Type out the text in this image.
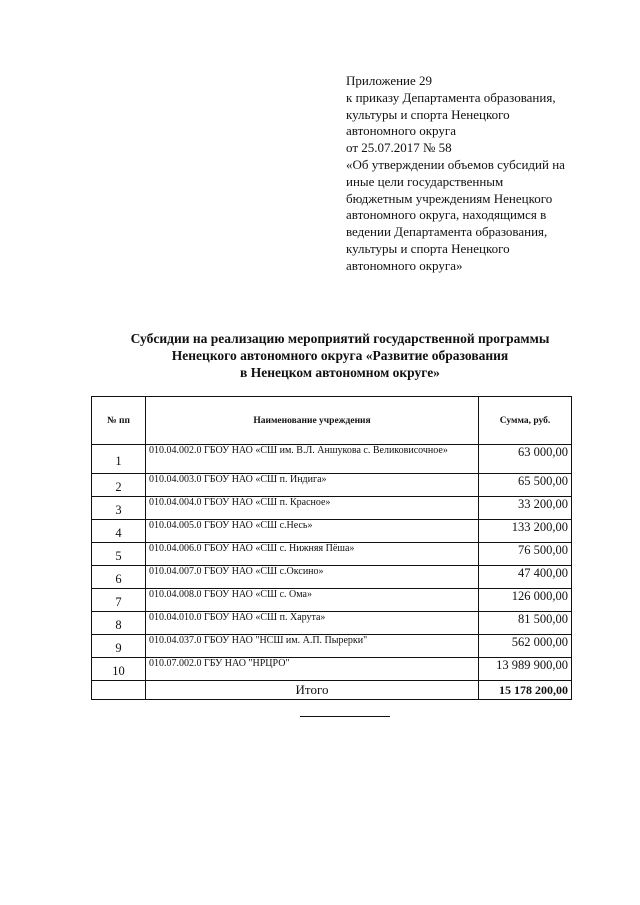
Приложение 29
к приказу Департамента образования,
культуры и спорта Ненецкого
автономного округа
от 25.07.2017 № 58
«Об утверждении объемов субсидий на
иные цели государственным
бюджетным учреждениям Ненецкого
автономного округа, находящимся в
ведении Департамента образования,
культуры и спорта Ненецкого
автономного округа»
Субсидии на реализацию мероприятий государственной программы
Ненецкого автономного округа «Развитие образования
в Ненецком автономном округе»
№ пп	Наименование учреждения	Сумма, руб.
1	010.04.002.0 ГБОУ НАО «СШ им. В.Л. Аншукова с. Великовисочное»	63 000,00
2	010.04.003.0 ГБОУ НАО «СШ п. Индига»	65 500,00
3	010.04.004.0 ГБОУ НАО «СШ п. Красное»	33 200,00
4	010.04.005.0 ГБОУ НАО «СШ с.Несь»	133 200,00
5	010.04.006.0 ГБОУ НАО «СШ с. Нижняя Пёша»	76 500,00
6	010.04.007.0 ГБОУ НАО «СШ с.Оксино»	47 400,00
7	010.04.008.0 ГБОУ НАО «СШ с. Ома»	126 000,00
8	010.04.010.0 ГБОУ НАО «СШ п. Харута»	81 500,00
9	010.04.037.0 ГБОУ НАО "НСШ им. А.П. Пырерки"	562 000,00
10	010.07.002.0 ГБУ НАО "НРЦРО"	13 989 900,00
	Итого	15 178 200,00
